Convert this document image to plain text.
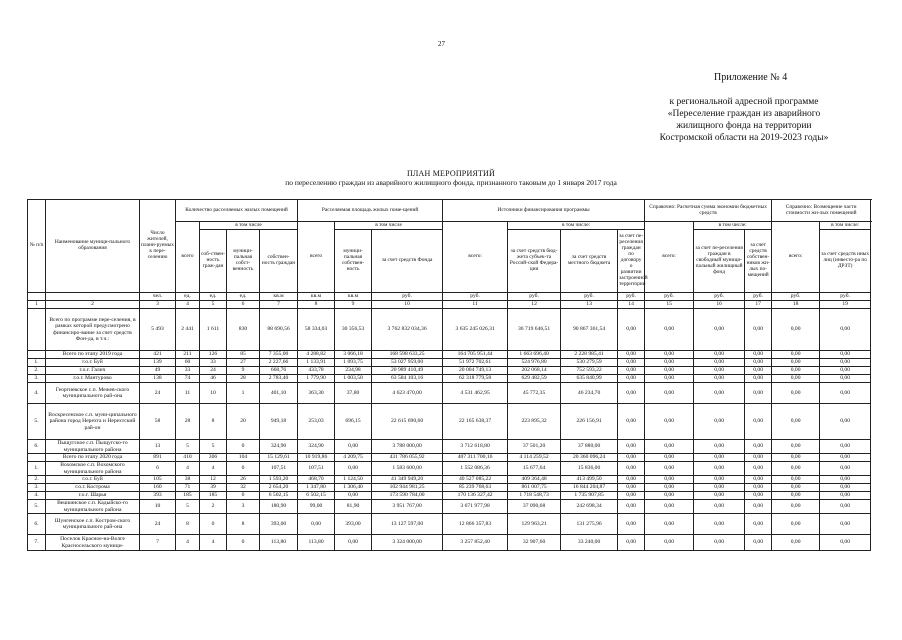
27
Приложение № 4
к региональной адресной программе
«Переселение граждан из аварийного
жилищного фонда на территории
Костромской области на 2019-2023 годы»
ПЛАН МЕРОПРИЯТИЙ
по переселению граждан из аварийного жилищного фонда, признанного таковым до 1 января 2017 года
№ п/п	Наименование муници-пального образования	Число жителей, плани-руемых к пере-селению	Количество расселяемых жилых помещений				Расселяемая площадь жилых поме-щений			Источники финансирования программы				Справочно: Расчетная сумма экономии бюджетных средств			Справочно: Возмещение части стоимости жи-лых помещений	
			всего	в том числе			всего	в том числе		всего:	в том числе:			всего:	в том числе:		всего:	в том числе:
				соб-ствен-ность граж-дан	муници-пальная собст-венность	собствен-ность граждан		муници-пальная собствен-ность	за счет средств Фонда		за счет средств бюд-жета субъек-та Россий-ской Федера-ции	за счет средств местного бюджета	за счет пе-реселения граждан по договору о развитии застроенной территории		за счет пе-реселения граждан в свободный муници-пальный жилищный фонд	за счет средств собствен-ников жи-лых по-мещений		за счет средств иных лиц (инвесто-ра по ДРЗТ)
		чел.	ед.	ед.	ед.	кв.м	кв.м	кв.м	руб.	руб.	руб.	руб.	руб.	руб.	руб.	руб.	руб.	руб.
1	2	3	4	5	6	7	8	9	10	11	12	13	14	15	16	17	18	19
	Всего по программе пере-селения, в рамках которой предусмотрено финансиро-вание за счет средств Фон-да, в т.ч.:	5 493	2 441	1 611	830	88 690,56	58 334,03	30 356,53	3 762 832 034,36	3 635 245 026,31	36 719 646,51	90 867 361,54	0,00	0,00	0,00	0,00	0,00	0,00
	Всего по этапу 2019 года	421	211	126	85	7 355,00	4 288,82	3 066,18	168 598 633,25	164 705 951,44	1 663 696,40	2 228 985,41	0,00	0,00	0,00	0,00	0,00	0,00
1.	г.о.г. Буй	139	60	33	27	2 227,66	1 133,91	1 093,75	53 027 959,00	51 972 702,61	524 976,80	530 279,59	0,00	0,00	0,00	0,00	0,00	0,00
2.	г.о.г. Галич	49	33	24	9	668,76	433,78	234,98	20 989 410,49	20 004 749,13	202 068,14	752 593,22	0,00	0,00	0,00	0,00	0,00	0,00
3.	г.о.г. Мантурово	138	74	46	28	2 783,40	1 779,90	1 003,50	63 584 103,16	62 318 779,58	629 482,59	635 840,99	0,00	0,00	0,00	0,00	0,00	0,00
4.	Георгиевское с.п. Межев-ского муниципального рай-она	24	11	10	1	401,10	363,30	37,80	4 623 470,00	4 531 462,95	45 772,35	46 234,70	0,00	0,00	0,00	0,00	0,00	0,00
5.	Воскресенское с.п. муни-ципального района город Нерехта и Нерехтский рай-он	58	28	8	20	949,18	253,03	696,15	22 615 690,60	22 165 638,37	223 895,32	226 156,91	0,00	0,00	0,00	0,00	0,00	0,00
6.	Пыщугское с.п. Пыщугско-го муниципального района	13	5	5	0	324,90	324,90	0,00	3 788 000,00	3 712 618,80	37 501,20	37 880,00	0,00	0,00	0,00	0,00	0,00	0,00
	Всего по этапу 2020 года	891	410	306	104	15 129,61	10 919,86	4 209,75	431 786 055,92	407 311 700,16	4 114 259,52	20 360 096,24	0,00	0,00	0,00	0,00	0,00	0,00
1.	Вохомское с.п. Вохомского муниципального района	6	4	4	0	107,51	107,51	0,00	1 583 600,00	1 552 086,36	15 677,64	15 836,00	0,00	0,00	0,00	0,00	0,00	0,00
2.	г.о.г. Буй	105	38	12	26	1 593,20	468,70	1 124,50	41 349 949,20	40 527 085,22	409 364,48	413 499,50	0,00	0,00	0,00	0,00	0,00	0,00
3.	г.о.г. Кострома	160	71	39	32	2 654,20	1 347,80	1 306,40	102 944 981,25	85 239 768,63	861 007,75	16 844 204,87	0,00	0,00	0,00	0,00	0,00	0,00
4.	г.о.г. Шарья	393	185	185	0	6 502,15	6 502,15	0,00	173 590 784,00	170 136 327,42	1 718 548,73	1 735 907,85	0,00	0,00	0,00	0,00	0,00	0,00
5.	Вешкинское с.п. Кадыйско-го муниципального района	10	5	2	3	180,90	99,00	81,90	3 951 767,00	3 671 977,98	37 090,68	242 698,34	0,00	0,00	0,00	0,00	0,00	0,00
6.	Шунгенское с.п. Костром-ского муниципального рай-она	24	8	0	8	393,00	0,00	393,00	13 127 597,00	12 866 357,83	129 963,21	131 275,96	0,00	0,00	0,00	0,00	0,00	0,00
7.	Поселок Красное-на-Волге Красносельского муници-	7	4	4	0	113,80	113,80	0,00	3 324 000,00	3 257 852,40	32 907,60	33 240,00	0,00	0,00	0,00	0,00	0,00	0,00
